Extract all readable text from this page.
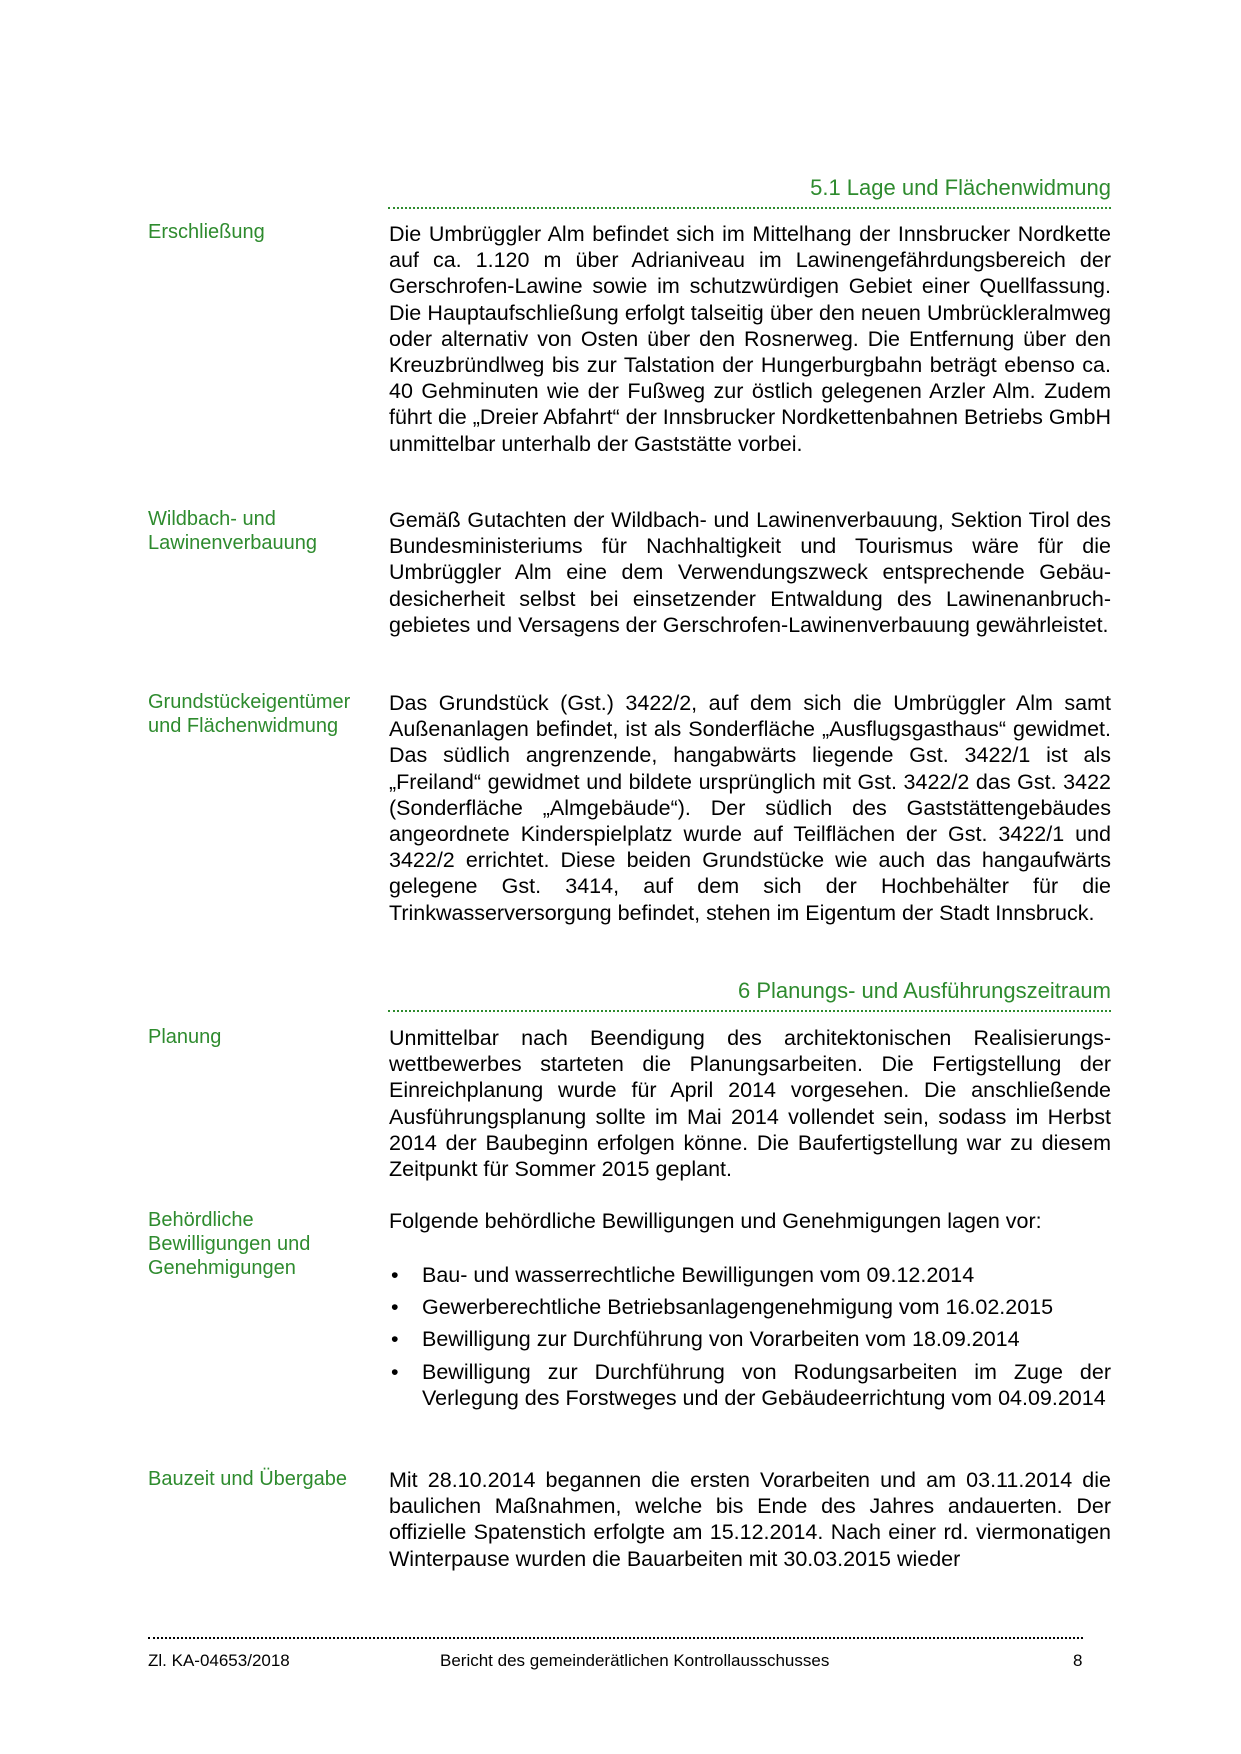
5.1 Lage und Flächenwidmung
Erschließung	Die Umbrüggler Alm befindet sich im Mittelhang der Innsbrucker Nordkette auf ca. 1.120 m über Adrianiveau im Lawinengefährdungsbereich der Gerschrofen-Lawine sowie im schutzwürdigen Gebiet einer Quellfassung. Die Hauptaufschließung erfolgt talseitig über den neuen Umbrückleralmweg oder alternativ von Osten über den Rosnerweg. Die Entfernung über den Kreuzbründlweg bis zur Talstation der Hungerburgbahn beträgt ebenso ca. 40 Gehminuten wie der Fußweg zur östlich gelegenen Arzler Alm. Zudem führt die „Dreier Abfahrt“ der Innsbrucker Nordkettenbahnen Betriebs GmbH unmittelbar unterhalb der Gaststätte vorbei.

Wildbach- und
Lawinenverbauung

Gemäß Gutachten der Wildbach- und Lawinenverbauung, Sektion Tirol des Bundesministeriums für Nachhaltigkeit und Tourismus wäre für die Umbrüggler Alm eine dem Verwendungszweck entsprechende Gebäudesicherheit selbst bei einsetzender Entwaldung des Lawinenanbruchgebietes und Versagens der Gerschrofen-Lawinenverbauung gewährleistet.

Grundstückeigentümer
und Flächenwidmung

Das Grundstück (Gst.) 3422/2, auf dem sich die Umbrüggler Alm samt Außenanlagen befindet, ist als Sonderfläche „Ausflugsgasthaus“ gewidmet. Das südlich angrenzende, hangabwärts liegende Gst. 3422/1 ist als „Freiland“ gewidmet und bildete ursprünglich mit Gst. 3422/2 das Gst. 3422 (Sonderfläche „Almgebäude“). Der südlich des Gaststättengebäudes angeordnete Kinderspielplatz wurde auf Teilflächen der Gst. 3422/1 und 3422/2 errichtet. Diese beiden Grundstücke wie auch das hangaufwärts gelegene Gst. 3414, auf dem sich der Hochbehälter für die Trinkwasserversorgung befindet, stehen im Eigentum der Stadt Innsbruck.

6 Planungs- und Ausführungszeitraum
Planung	Unmittelbar nach Beendigung des architektonischen Realisierungswettbewerbes starteten die Planungsarbeiten. Die Fertigstellung der Einreichplanung wurde für April 2014 vorgesehen. Die anschließende Ausführungsplanung sollte im Mai 2014 vollendet sein, sodass im Herbst 2014 der Baubeginn erfolgen könne. Die Baufertigstellung war zu diesem Zeitpunkt für Sommer 2015 geplant.

Behördliche
Bewilligungen und
Genehmigungen

Folgende behördliche Bewilligungen und Genehmigungen lagen vor:

• Bau- und wasserrechtliche Bewilligungen vom 09.12.2014
• Gewerberechtliche Betriebsanlagengenehmigung vom 16.02.2015
• Bewilligung zur Durchführung von Vorarbeiten vom 18.09.2014
• Bewilligung zur Durchführung von Rodungsarbeiten im Zuge der Verlegung des Forstweges und der Gebäudeerrichtung vom 04.09.2014
Bauzeit und Übergabe	Mit 28.10.2014 begannen die ersten Vorarbeiten und am 03.11.2014 die baulichen Maßnahmen, welche bis Ende des Jahres andauerten. Der offizielle Spatenstich erfolgte am 15.12.2014. Nach einer rd. viermonatigen Winterpause wurden die Bauarbeiten mit 30.03.2015 wieder

Zl. KA-04653/2018	Bericht des gemeinderätlichen Kontrollausschusses	8
